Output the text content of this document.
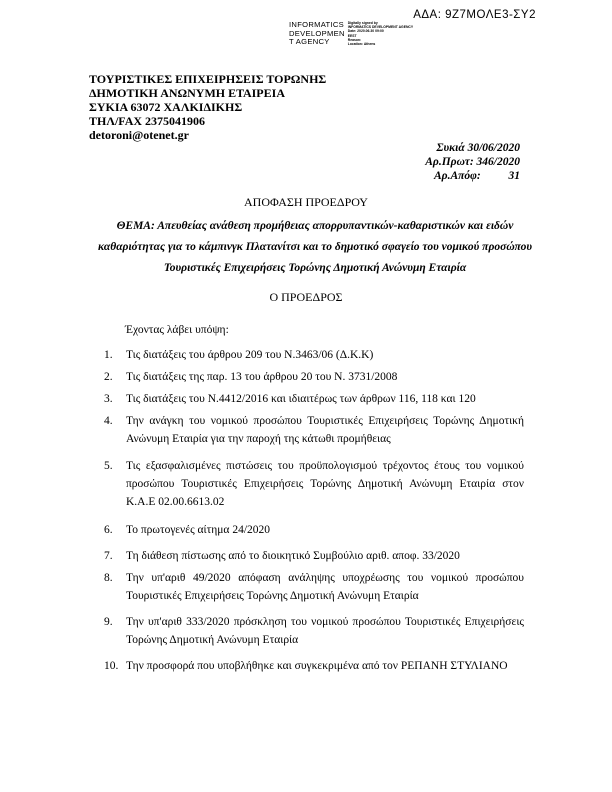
ΑΔΑ: 9Ζ7ΜΟΛΕ3-ΣΥ2
INFORMATICS
DEVELOPMEN
T AGENCY
Digitally signed by
INFORMATICS DEVELOPMENT AGENCY
Date: 2020.06.30 09:00
EEST
Reason:
Location: Athens
ΤΟΥΡΙΣΤΙΚΕΣ ΕΠΙΧΕΙΡΗΣΕΙΣ ΤΟΡΩΝΗΣ
ΔΗΜΟΤΙΚΗ ΑΝΩΝΥΜΗ ΕΤΑΙΡΕΙΑ
ΣΥΚΙΑ 63072 ΧΑΛΚΙΔΙΚΗΣ
ΤΗΛ/FAX 2375041906
detoroni@otenet.gr
Συκιά 30/06/2020
Αρ.Πρωτ: 346/2020
Αρ.Απόφ: 31
ΑΠΟΦΑΣΗ ΠΡΟΕΔΡΟΥ
ΘΕΜΑ: Απευθείας ανάθεση προμήθειας απορρυπαντικών-καθαριστικών και ειδών καθαριότητας για το κάμπινγκ Πλατανίτσι και το δημοτικό σφαγείο του νομικού προσώπου Τουριστικές Επιχειρήσεις Τορώνης Δημοτική Ανώνυμη Εταιρία
Ο ΠΡΟΕΔΡΟΣ
Έχοντας λάβει υπόψη:
1.	Τις διατάξεις του άρθρου 209 του Ν.3463/06 (Δ.Κ.Κ)
2.	Τις διατάξεις της παρ. 13 του άρθρου 20 του Ν. 3731/2008
3.	Τις διατάξεις του Ν.4412/2016 και ιδιαιτέρως των άρθρων 116, 118 και 120
4.	Την ανάγκη του νομικού προσώπου Τουριστικές Επιχειρήσεις Τορώνης Δημοτική Ανώνυμη Εταιρία για την παροχή της κάτωθι προμήθειας
5.	Τις εξασφαλισμένες πιστώσεις του προϋπολογισμού τρέχοντος έτους του νομικού προσώπου Τουριστικές Επιχειρήσεις Τορώνης Δημοτική Ανώνυμη Εταιρία στον Κ.Α.Ε 02.00.6613.02
6.	Το πρωτογενές αίτημα 24/2020
7.	Τη διάθεση πίστωσης από το διοικητικό Συμβούλιο αριθ. αποφ. 33/2020
8.	Την υπ'αριθ 49/2020 απόφαση ανάληψης υποχρέωσης του νομικού προσώπου Τουριστικές Επιχειρήσεις Τορώνης Δημοτική Ανώνυμη Εταιρία
9.	Την υπ'αριθ 333/2020 πρόσκληση του νομικού προσώπου Τουριστικές Επιχειρήσεις Τορώνης Δημοτική Ανώνυμη Εταιρία
10. Την προσφορά που υποβλήθηκε και συγκεκριμένα από τον ΡΕΠΑΝΗ ΣΤΥΛΙΑΝΟ
